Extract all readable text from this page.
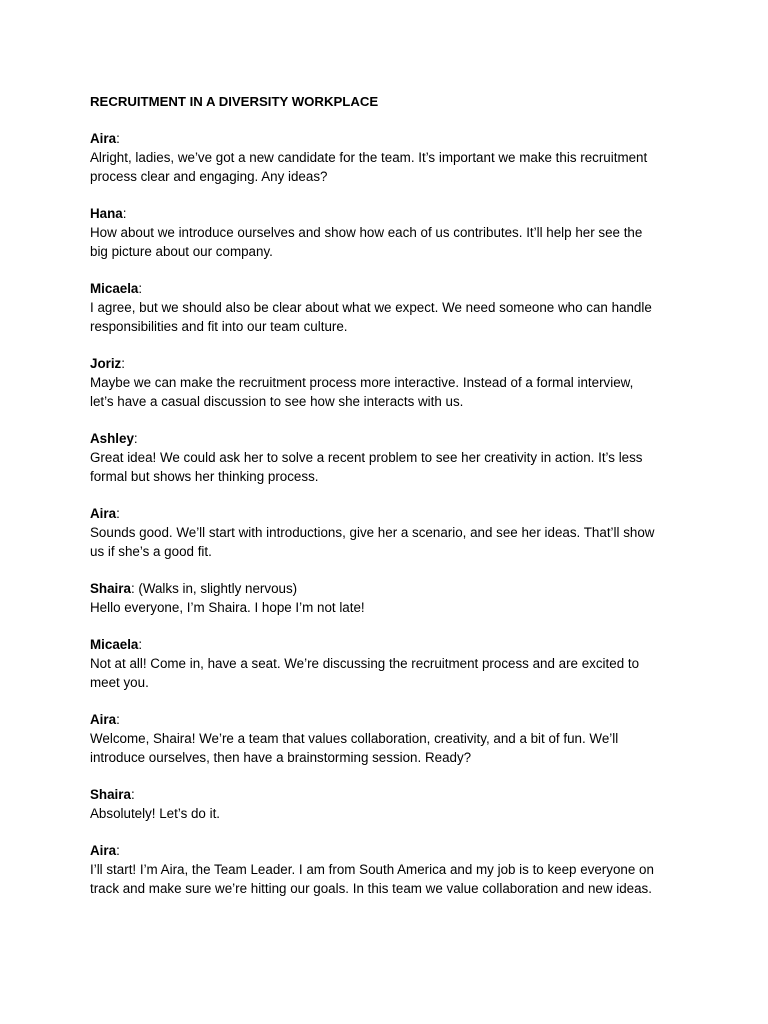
RECRUITMENT IN A DIVERSITY WORKPLACE
Aira:
Alright, ladies, we’ve got a new candidate for the team. It’s important we make this recruitment
process clear and engaging. Any ideas?
Hana:
How about we introduce ourselves and show how each of us contributes. It’ll help her see the
big picture about our company.
Micaela:
I agree, but we should also be clear about what we expect. We need someone who can handle
responsibilities and fit into our team culture.
Joriz:
Maybe we can make the recruitment process more interactive. Instead of a formal interview,
let’s have a casual discussion to see how she interacts with us.
Ashley:
Great idea! We could ask her to solve a recent problem to see her creativity in action. It’s less
formal but shows her thinking process.
Aira:
Sounds good. We’ll start with introductions, give her a scenario, and see her ideas. That’ll show
us if she’s a good fit.
Shaira: (Walks in, slightly nervous)
Hello everyone, I’m Shaira. I hope I’m not late!
Micaela:
Not at all! Come in, have a seat. We’re discussing the recruitment process and are excited to
meet you.
Aira:
Welcome, Shaira! We’re a team that values collaboration, creativity, and a bit of fun. We’ll
introduce ourselves, then have a brainstorming session. Ready?
Shaira:
Absolutely! Let’s do it.
Aira:
I’ll start! I’m Aira, the Team Leader. I am from South America and my job is to keep everyone on
track and make sure we’re hitting our goals. In this team we value collaboration and new ideas.
